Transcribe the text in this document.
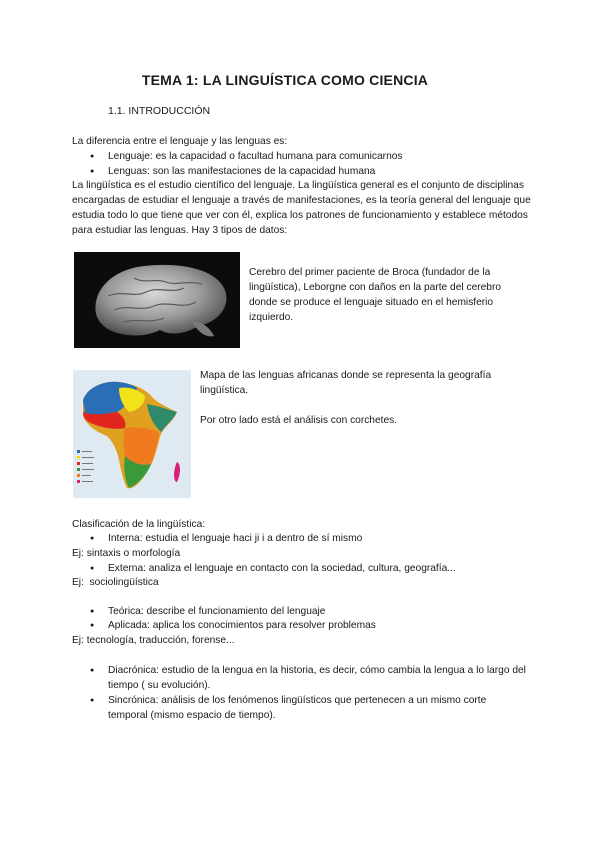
TEMA 1: LA LINGUÍSTICA COMO CIENCIA
1.1. INTRODUCCIÓN
La diferencia entre el lenguaje y las lenguas es:
● Lenguaje: es la capacidad o facultad humana para comunicarnos
● Lenguas: son las manifestaciones de la capacidad humana
La lingüística es el estudio científico del lenguaje. La lingüística general es el conjunto de disciplinas encargadas de estudiar el lenguaje a través de manifestaciones, es la teoría general del lenguaje que estudia todo lo que tiene que ver con él, explica los patrones de funcionamiento y establece métodos para estudiar las lenguas. Hay 3 tipos de datos:
Cerebro del primer paciente de Broca (fundador de la lingüística), Leborgne con daños en la parte del cerebro donde se produce el lenguaje situado en el hemisferio izquierdo.
Mapa de las lenguas africanas donde se representa la geografía lingüística.
Por otro lado está el análisis con corchetes.
Clasificación de la lingüística:
● Interna: estudia el lenguaje haci ji i a dentro de sí mismo
Ej: sintaxis o morfología
● Externa: analiza el lenguaje en contacto con la sociedad, cultura, geografía...
Ej:  sociolingüística
● Teórica: describe el funcionamiento del lenguaje
● Aplicada: aplica los conocimientos para resolver problemas
Ej: tecnología, traducción, forense...
● Diacrónica: estudio de la lengua en la historia, es decir, cómo cambia la lengua a lo largo del tiempo ( su evolución).
● Sincrónica: análisis de los fenómenos lingüísticos que pertenecen a un mismo corte temporal (mismo espacio de tiempo).
